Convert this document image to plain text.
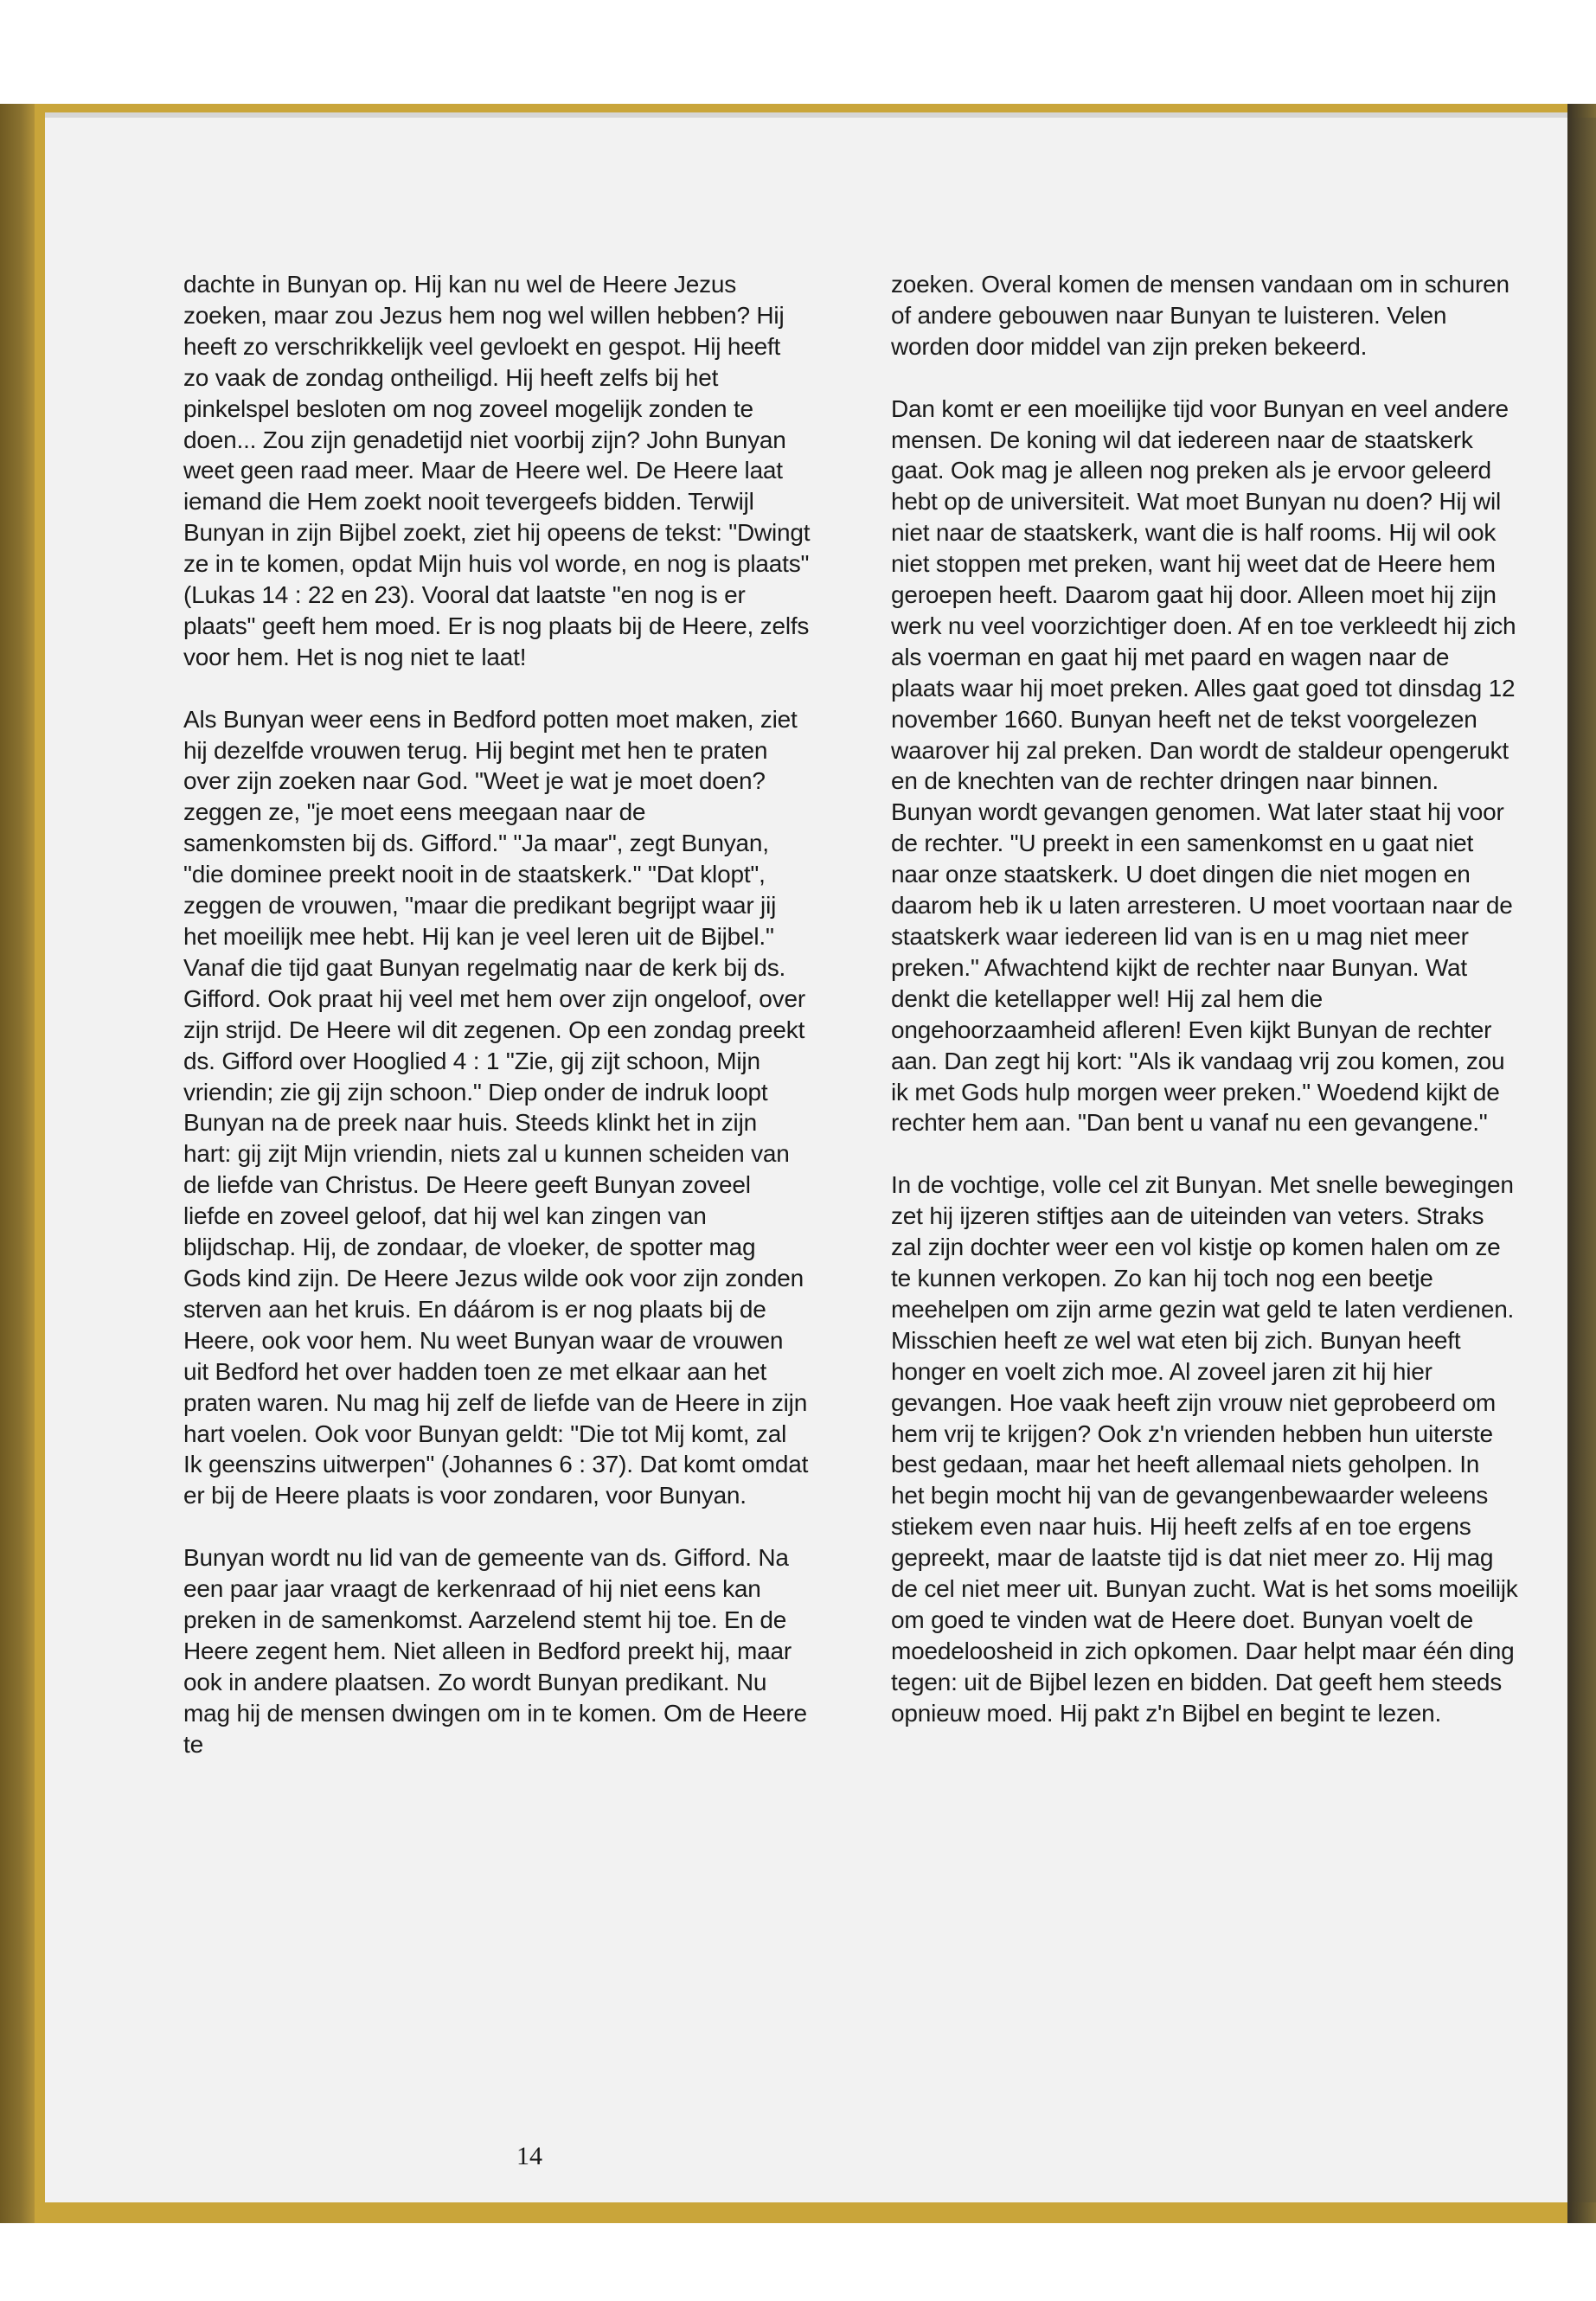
dachte in Bunyan op. Hij kan nu wel de Heere Jezus zoeken, maar zou Jezus hem nog wel willen hebben? Hij heeft zo verschrikkelijk veel gevloekt en gespot. Hij heeft zo vaak de zondag ontheiligd. Hij heeft zelfs bij het pinkelspel besloten om nog zoveel mogelijk zonden te doen... Zou zijn genadetijd niet voorbij zijn? John Bunyan weet geen raad meer. Maar de Heere wel. De Heere laat iemand die Hem zoekt nooit tevergeefs bidden. Terwijl Bunyan in zijn Bijbel zoekt, ziet hij opeens de tekst: "Dwingt ze in te komen, opdat Mijn huis vol worde, en nog is plaats" (Lukas 14 : 22 en 23). Vooral dat laatste "en nog is er plaats" geeft hem moed. Er is nog plaats bij de Heere, zelfs voor hem. Het is nog niet te laat!

Als Bunyan weer eens in Bedford potten moet maken, ziet hij dezelfde vrouwen terug. Hij begint met hen te praten over zijn zoeken naar God. "Weet je wat je moet doen? zeggen ze, "je moet eens meegaan naar de samenkomsten bij ds. Gifford." "Ja maar", zegt Bunyan, "die dominee preekt nooit in de staatskerk." "Dat klopt", zeggen de vrouwen, "maar die predikant begrijpt waar jij het moeilijk mee hebt. Hij kan je veel leren uit de Bijbel." Vanaf die tijd gaat Bunyan regelmatig naar de kerk bij ds. Gifford. Ook praat hij veel met hem over zijn ongeloof, over zijn strijd. De Heere wil dit zegenen. Op een zondag preekt ds. Gifford over Hooglied 4 : 1 "Zie, gij zijt schoon, Mijn vriendin; zie gij zijn schoon." Diep onder de indruk loopt Bunyan na de preek naar huis. Steeds klinkt het in zijn hart: gij zijt Mijn vriendin, niets zal u kunnen scheiden van de liefde van Christus. De Heere geeft Bunyan zoveel liefde en zoveel geloof, dat hij wel kan zingen van blijdschap. Hij, de zondaar, de vloeker, de spotter mag Gods kind zijn. De Heere Jezus wilde ook voor zijn zonden sterven aan het kruis. En dáárom is er nog plaats bij de Heere, ook voor hem. Nu weet Bunyan waar de vrouwen uit Bedford het over hadden toen ze met elkaar aan het praten waren. Nu mag hij zelf de liefde van de Heere in zijn hart voelen. Ook voor Bunyan geldt: "Die tot Mij komt, zal Ik geenszins uitwerpen" (Johannes 6 : 37). Dat komt omdat er bij de Heere plaats is voor zondaren, voor Bunyan.

Bunyan wordt nu lid van de gemeente van ds. Gifford. Na een paar jaar vraagt de kerkenraad of hij niet eens kan preken in de samenkomst. Aarzelend stemt hij toe. En de Heere zegent hem. Niet alleen in Bedford preekt hij, maar ook in andere plaatsen. Zo wordt Bunyan predikant. Nu mag hij de mensen dwingen om in te komen. Om de Heere te

zoeken. Overal komen de mensen vandaan om in schuren of andere gebouwen naar Bunyan te luisteren. Velen worden door middel van zijn preken bekeerd.

Dan komt er een moeilijke tijd voor Bunyan en veel andere mensen. De koning wil dat iedereen naar de staatskerk gaat. Ook mag je alleen nog preken als je ervoor geleerd hebt op de universiteit. Wat moet Bunyan nu doen? Hij wil niet naar de staatskerk, want die is half rooms. Hij wil ook niet stoppen met preken, want hij weet dat de Heere hem geroepen heeft. Daarom gaat hij door. Alleen moet hij zijn werk nu veel voorzichtiger doen. Af en toe verkleedt hij zich als voerman en gaat hij met paard en wagen naar de plaats waar hij moet preken. Alles gaat goed tot dinsdag 12 november 1660. Bunyan heeft net de tekst voorgelezen waarover hij zal preken. Dan wordt de staldeur opengerukt en de knechten van de rechter dringen naar binnen. Bunyan wordt gevangen genomen. Wat later staat hij voor de rechter. "U preekt in een samenkomst en u gaat niet naar onze staatskerk. U doet dingen die niet mogen en daarom heb ik u laten arresteren. U moet voortaan naar de staatskerk waar iedereen lid van is en u mag niet meer preken." Afwachtend kijkt de rechter naar Bunyan. Wat denkt die ketellapper wel! Hij zal hem die ongehoorzaamheid afleren! Even kijkt Bunyan de rechter aan. Dan zegt hij kort: "Als ik vandaag vrij zou komen, zou ik met Gods hulp morgen weer preken." Woedend kijkt de rechter hem aan. "Dan bent u vanaf nu een gevangene."

In de vochtige, volle cel zit Bunyan. Met snelle bewegingen zet hij ijzeren stiftjes aan de uiteinden van veters. Straks zal zijn dochter weer een vol kistje op komen halen om ze te kunnen verkopen. Zo kan hij toch nog een beetje meehelpen om zijn arme gezin wat geld te laten verdienen. Misschien heeft ze wel wat eten bij zich. Bunyan heeft honger en voelt zich moe. Al zoveel jaren zit hij hier gevangen. Hoe vaak heeft zijn vrouw niet geprobeerd om hem vrij te krijgen? Ook z'n vrienden hebben hun uiterste best gedaan, maar het heeft allemaal niets geholpen. In het begin mocht hij van de gevangenbewaarder weleens stiekem even naar huis. Hij heeft zelfs af en toe ergens gepreekt, maar de laatste tijd is dat niet meer zo. Hij mag de cel niet meer uit. Bunyan zucht. Wat is het soms moeilijk om goed te vinden wat de Heere doet. Bunyan voelt de moedeloosheid in zich opkomen. Daar helpt maar één ding tegen: uit de Bijbel lezen en bidden. Dat geeft hem steeds opnieuw moed. Hij pakt z'n Bijbel en begint te lezen.

14
